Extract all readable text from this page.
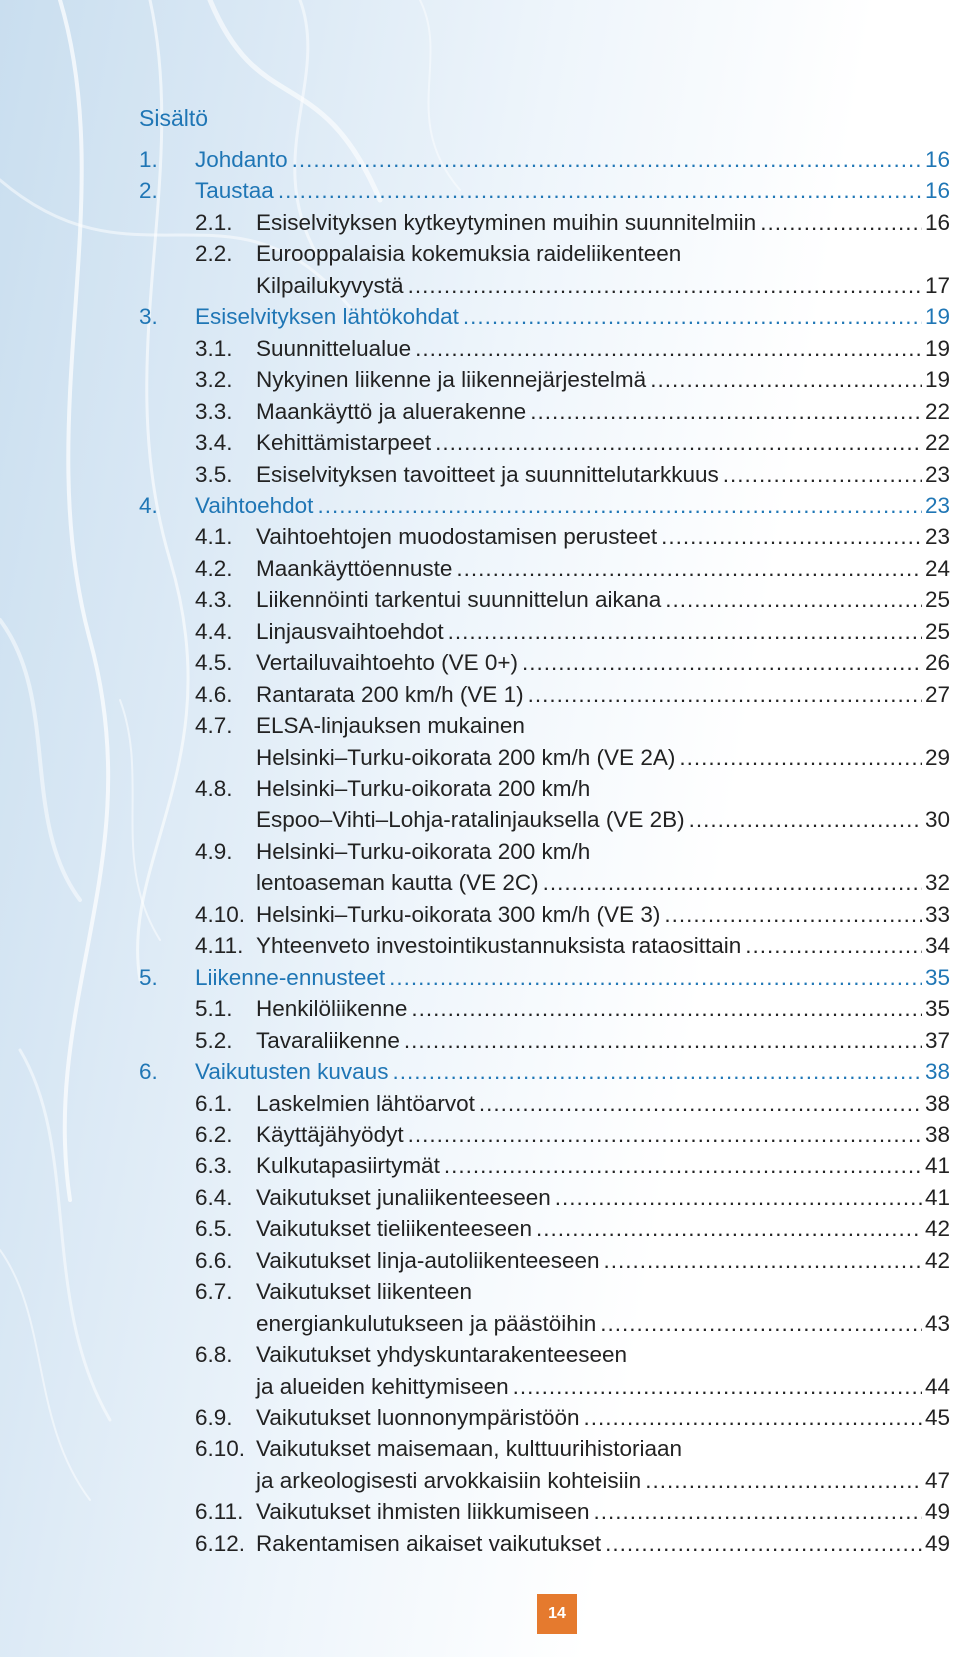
Sisältö
1. Johdanto .....	16
2. Taustaa .....	16
2.1. Esiselvityksen kytkeytyminen muihin suunnitelmiin .....	16
2.2. Eurooppalaisia kokemuksia raideliikenteen
Kilpailukyvystä .....	17
3. Esiselvityksen lähtökohdat .....	19
3.1. Suunnittelualue .....	19
3.2. Nykyinen liikenne ja liikennejärjestelmä .....	19
3.3. Maankäyttö ja aluerakenne .....	22
3.4. Kehittämistarpeet .....	22
3.5. Esiselvityksen tavoitteet ja suunnittelutarkkuus .....	23
4. Vaihtoehdot .....	23
4.1. Vaihtoehtojen muodostamisen perusteet .....	23
4.2. Maankäyttöennuste .....	24
4.3. Liikennöinti tarkentui suunnittelun aikana .....	25
4.4. Linjausvaihtoehdot .....	25
4.5. Vertailuvaihtoehto (VE 0+) .....	26
4.6. Rantarata 200 km/h (VE 1) .....	27
4.7. ELSA-linjauksen mukainen
Helsinki–Turku-oikorata 200 km/h (VE 2A) .....	29
4.8. Helsinki–Turku-oikorata 200 km/h
Espoo–Vihti–Lohja-ratalinjauksella (VE 2B) .....	30
4.9. Helsinki–Turku-oikorata 200 km/h
lentoaseman kautta (VE 2C) .....	32
4.10. Helsinki–Turku-oikorata 300 km/h (VE 3) .....	33
4.11. Yhteenveto investointikustannuksista rataosittain .....	34
5. Liikenne-ennusteet .....	35
5.1. Henkilöliikenne .....	35
5.2. Tavaraliikenne .....	37
6. Vaikutusten kuvaus .....	38
6.1. Laskelmien lähtöarvot .....	38
6.2. Käyttäjähyödyt .....	38
6.3. Kulkutapasiirtymät .....	41
6.4. Vaikutukset junaliikenteeseen .....	41
6.5. Vaikutukset tieliikenteeseen .....	42
6.6. Vaikutukset linja-autoliikenteeseen .....	42
6.7. Vaikutukset liikenteen
energiankulutukseen ja päästöihin .....	43
6.8. Vaikutukset yhdyskuntarakenteeseen
ja alueiden kehittymiseen .....	44
6.9. Vaikutukset luonnonympäristöön .....	45
6.10. Vaikutukset maisemaan, kulttuurihistoriaan
ja arkeologisesti arvokkaisiin kohteisiin .....	47
6.11. Vaikutukset ihmisten liikkumiseen .....	49
6.12. Rakentamisen aikaiset vaikutukset .....	49
14
